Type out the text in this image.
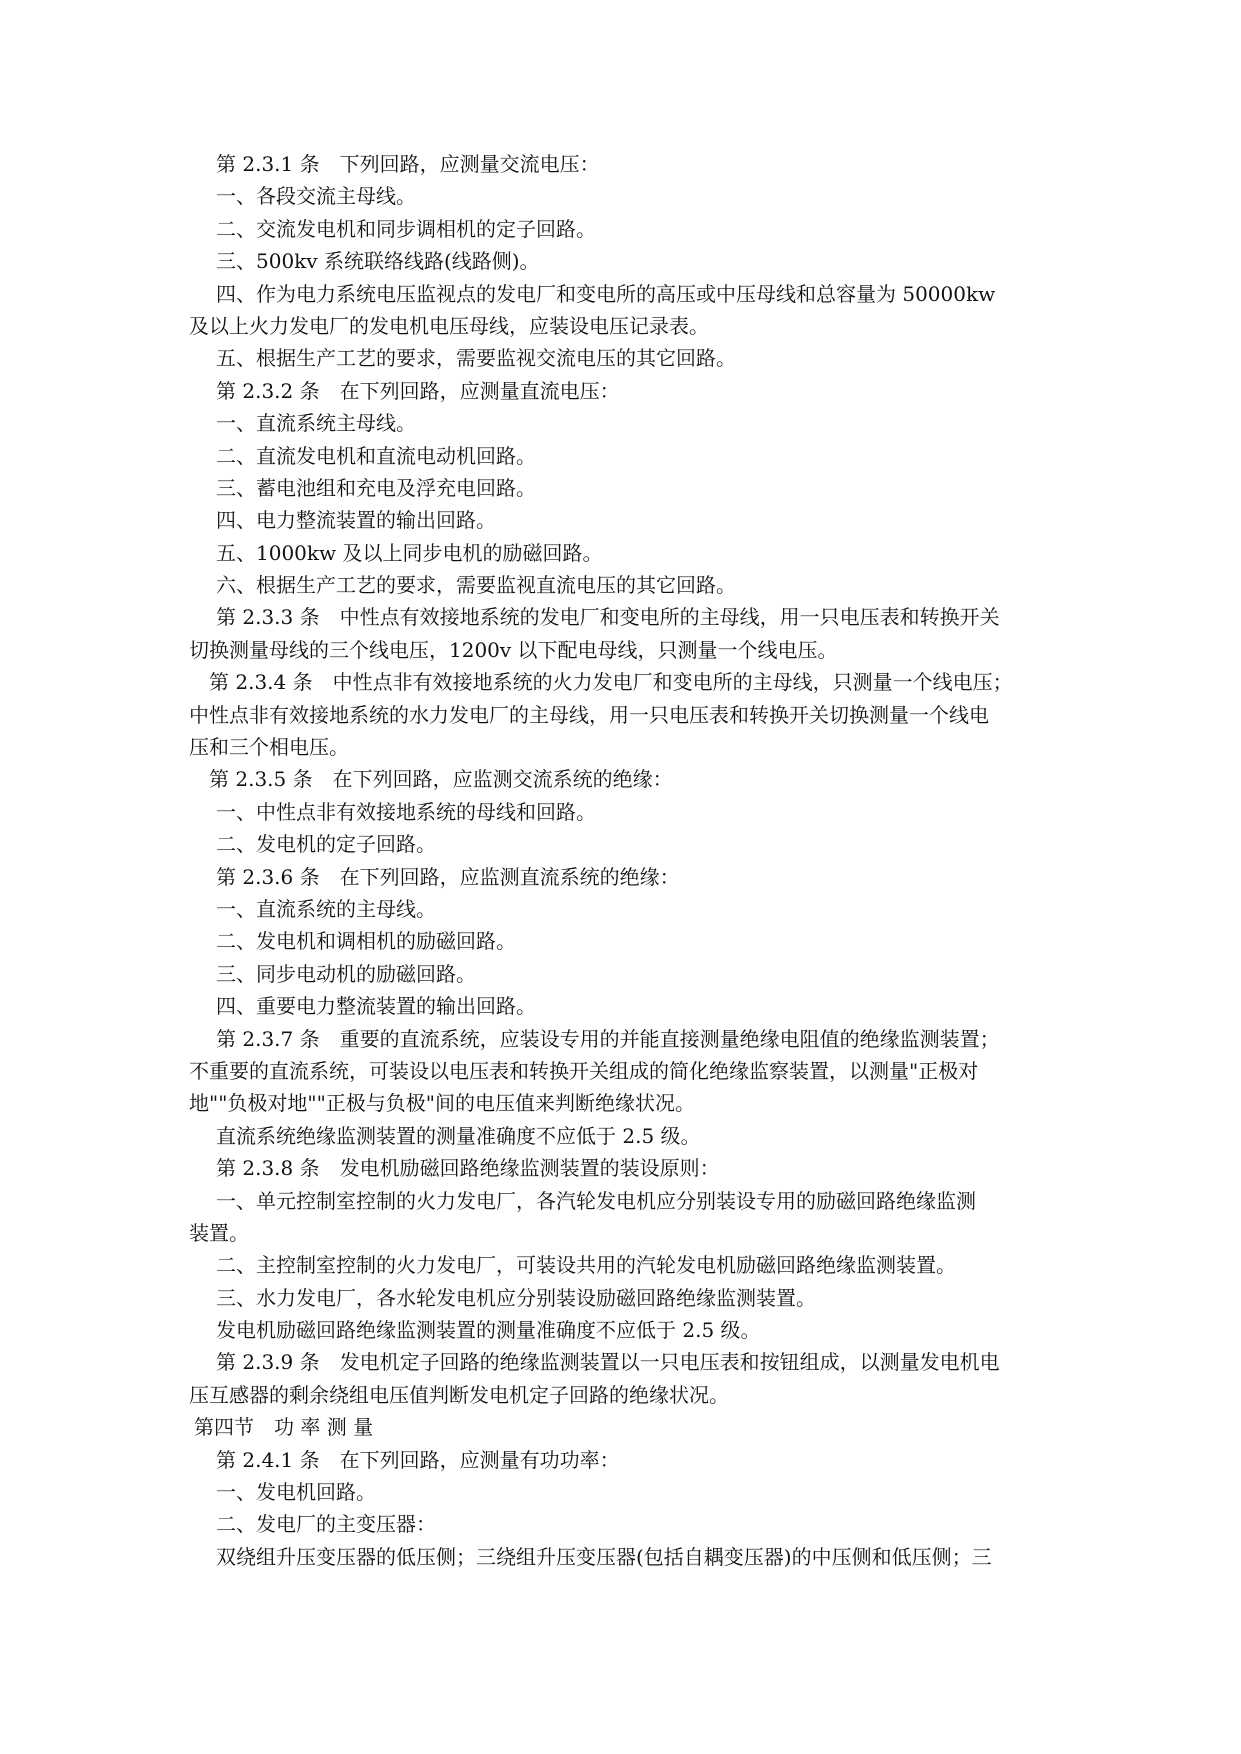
第 2.3.1 条　下列回路，应测量交流电压：
一、各段交流主母线。
二、交流发电机和同步调相机的定子回路。
三、500kv 系统联络线路(线路侧)。
四、作为电力系统电压监视点的发电厂和变电所的高压或中压母线和总容量为 50000kw
及以上火力发电厂的发电机电压母线，应装设电压记录表。
五、根据生产工艺的要求，需要监视交流电压的其它回路。
第 2.3.2 条　在下列回路，应测量直流电压：
一、直流系统主母线。
二、直流发电机和直流电动机回路。
三、蓄电池组和充电及浮充电回路。
四、电力整流装置的输出回路。
五、1000kw 及以上同步电机的励磁回路。
六、根据生产工艺的要求，需要监视直流电压的其它回路。
第 2.3.3 条　中性点有效接地系统的发电厂和变电所的主母线，用一只电压表和转换开关
切换测量母线的三个线电压，1200v 以下配电母线，只测量一个线电压。
第 2.3.4 条　中性点非有效接地系统的火力发电厂和变电所的主母线，只测量一个线电压；
中性点非有效接地系统的水力发电厂的主母线，用一只电压表和转换开关切换测量一个线电
压和三个相电压。
第 2.3.5 条　在下列回路，应监测交流系统的绝缘：
一、中性点非有效接地系统的母线和回路。
二、发电机的定子回路。
第 2.3.6 条　在下列回路，应监测直流系统的绝缘：
一、直流系统的主母线。
二、发电机和调相机的励磁回路。
三、同步电动机的励磁回路。
四、重要电力整流装置的输出回路。
第 2.3.7 条　重要的直流系统，应装设专用的并能直接测量绝缘电阻值的绝缘监测装置；
不重要的直流系统，可装设以电压表和转换开关组成的简化绝缘监察装置，以测量"正极对
地""负极对地""正极与负极"间的电压值来判断绝缘状况。
直流系统绝缘监测装置的测量准确度不应低于 2.5 级。
第 2.3.8 条　发电机励磁回路绝缘监测装置的装设原则：
一、单元控制室控制的火力发电厂，各汽轮发电机应分别装设专用的励磁回路绝缘监测
装置。
二、主控制室控制的火力发电厂，可装设共用的汽轮发电机励磁回路绝缘监测装置。
三、水力发电厂，各水轮发电机应分别装设励磁回路绝缘监测装置。
发电机励磁回路绝缘监测装置的测量准确度不应低于 2.5 级。
第 2.3.9 条　发电机定子回路的绝缘监测装置以一只电压表和按钮组成，以测量发电机电
压互感器的剩余绕组电压值判断发电机定子回路的绝缘状况。
第四节　功 率 测 量
第 2.4.1 条　在下列回路，应测量有功功率：
一、发电机回路。
二、发电厂的主变压器：
双绕组升压变压器的低压侧；三绕组升压变压器(包括自耦变压器)的中压侧和低压侧；三
